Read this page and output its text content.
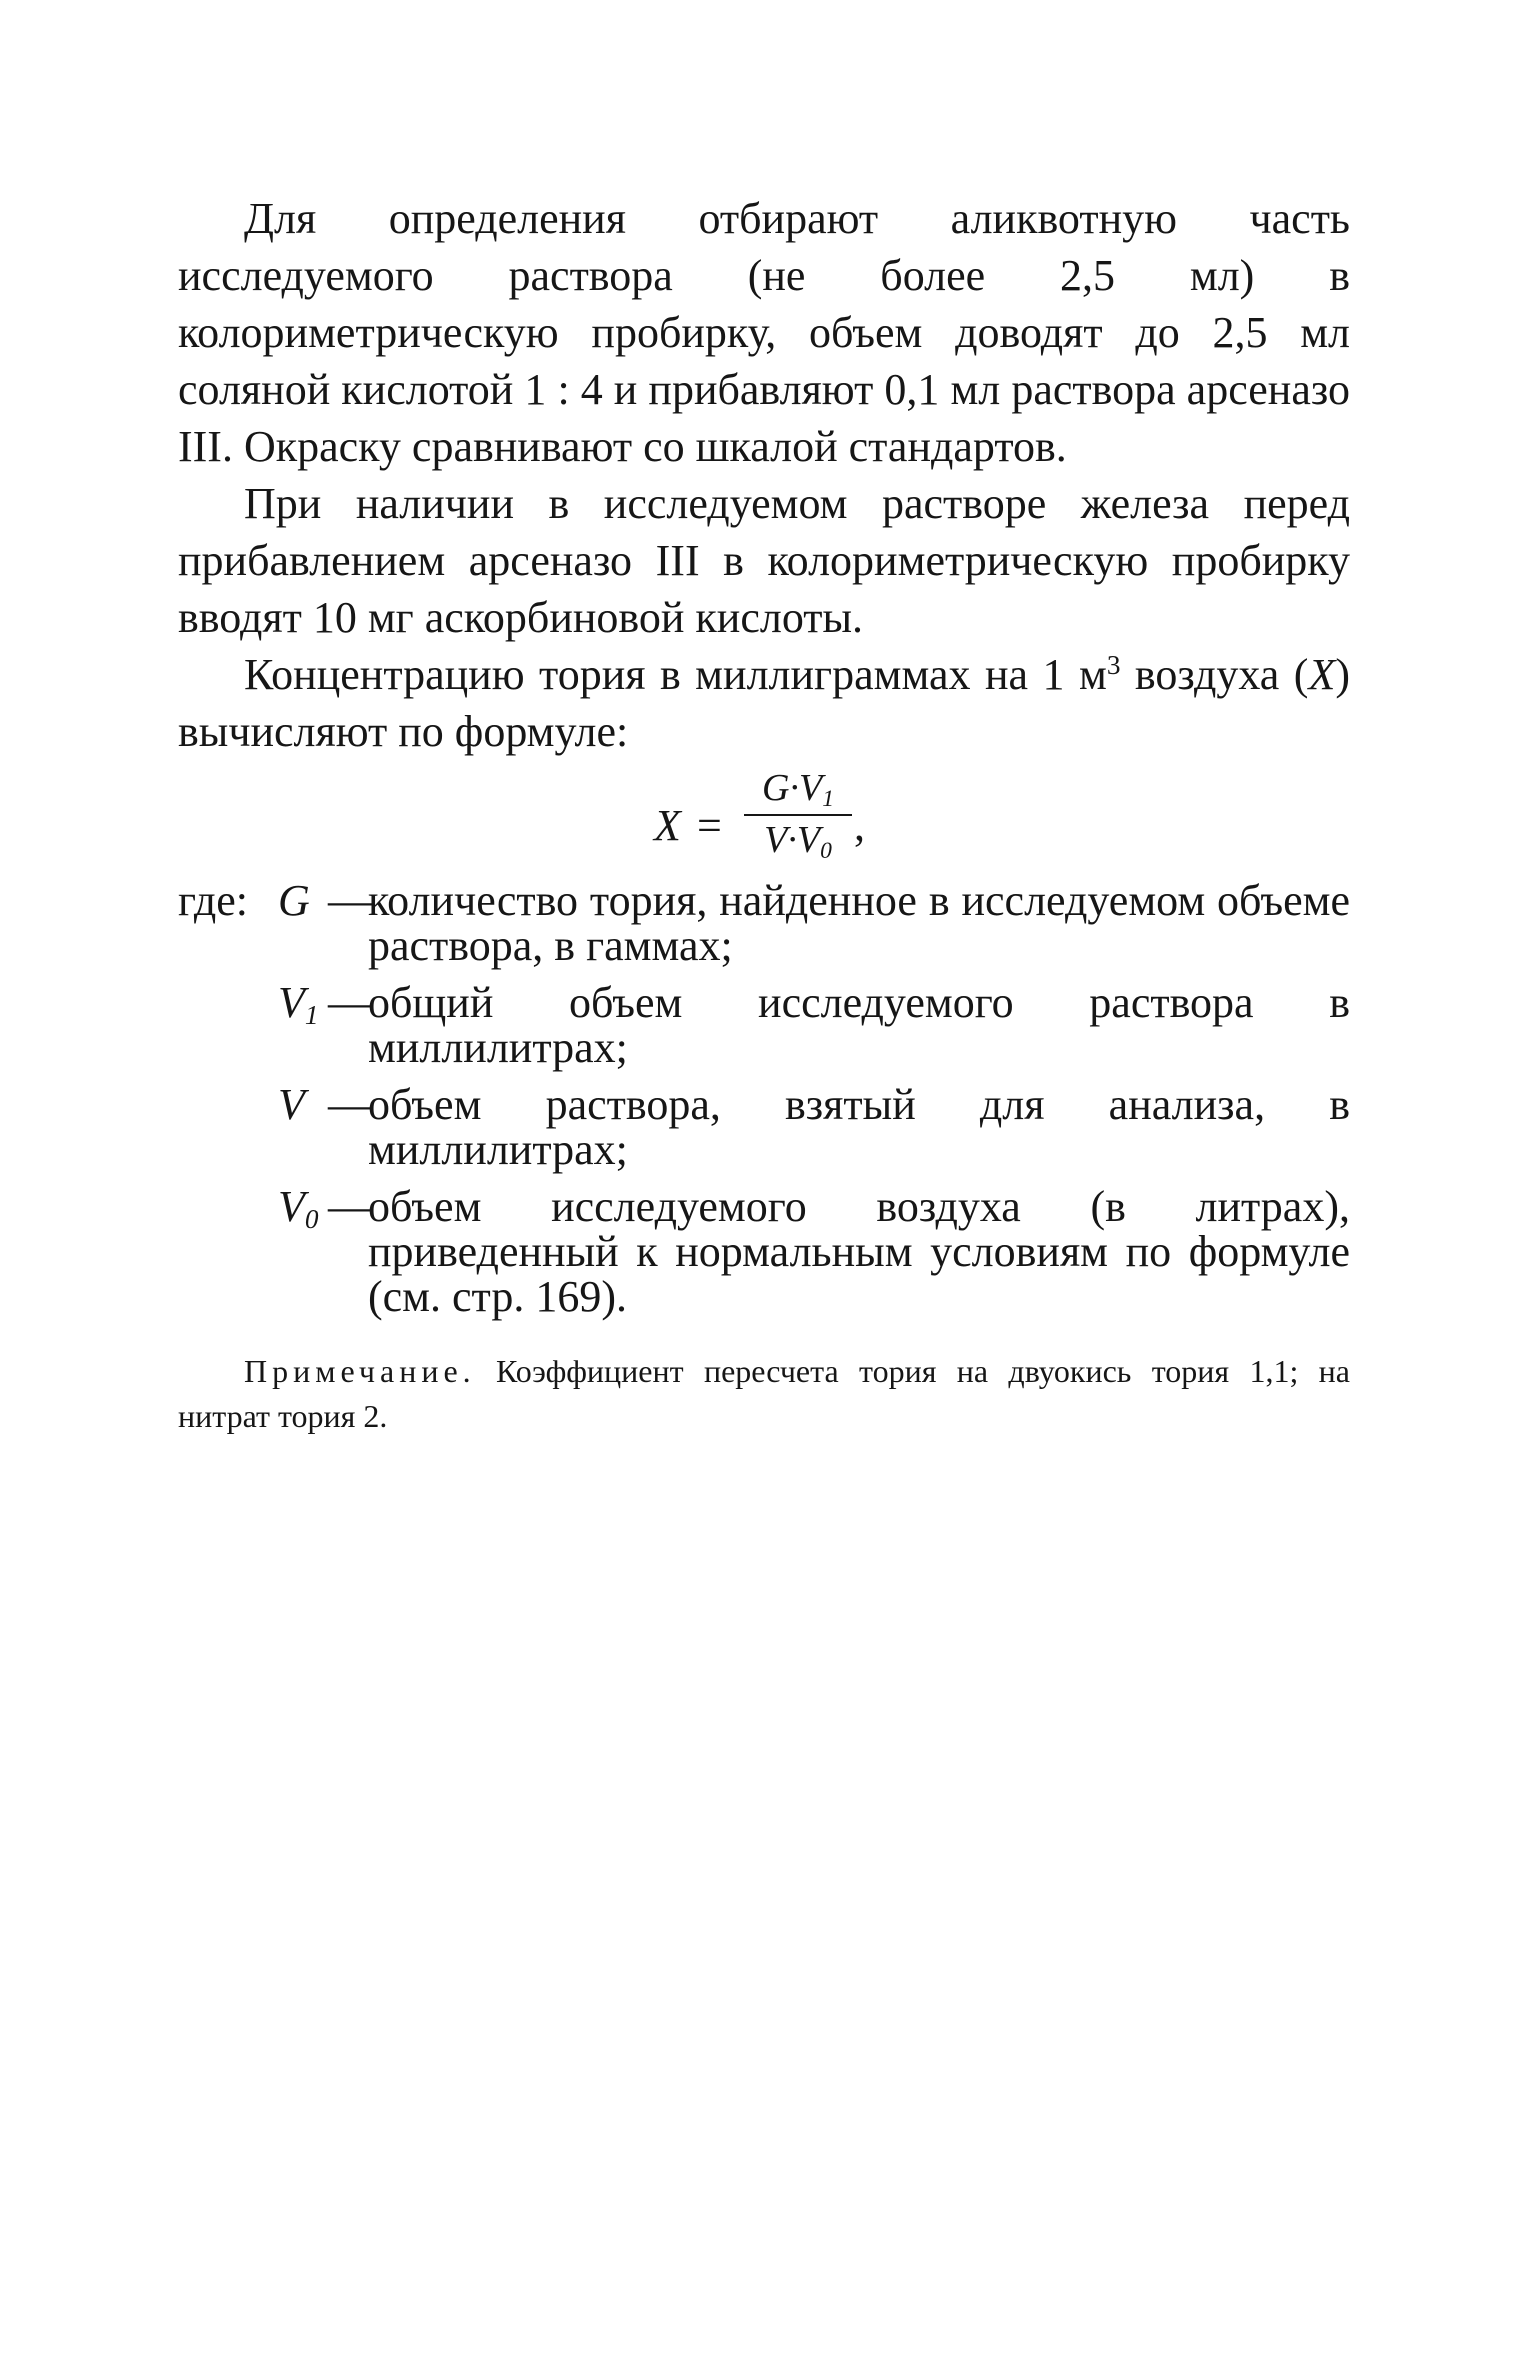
Для определения отбирают аликвотную часть исследуемого раствора (не более 2,5 мл) в колориметрическую пробирку, объем доводят до 2,5 мл соляной кислотой 1 : 4 и прибавляют 0,1 мл раствора арсеназо III. Окраску сравнивают со шкалой стандартов.

При наличии в исследуемом растворе железа перед прибавлением арсеназо III в колориметрическую пробирку вводят 10 мг аскорбиновой кислоты.

Концентрацию тория в миллиграммах на 1 $м^3$ воздуха (X) вычисляют по формуле:

X =
$G\cdot V_1$
$V\cdot V_0$
,
где: G —
количество тория, найденное в исследуемом объеме раствора, в гаммах;
$V_1$ —
общий объем исследуемого раствора в миллилитрах;
V —
объем раствора, взятый для анализа, в миллилитрах;
$V_0$ —
объем исследуемого воздуха (в литрах), приведенный к нормальным условиям по формуле (см. стр. 169).

Примечание. Коэффициент пересчета тория на двуокись тория 1,1; на нитрат тория 2.
